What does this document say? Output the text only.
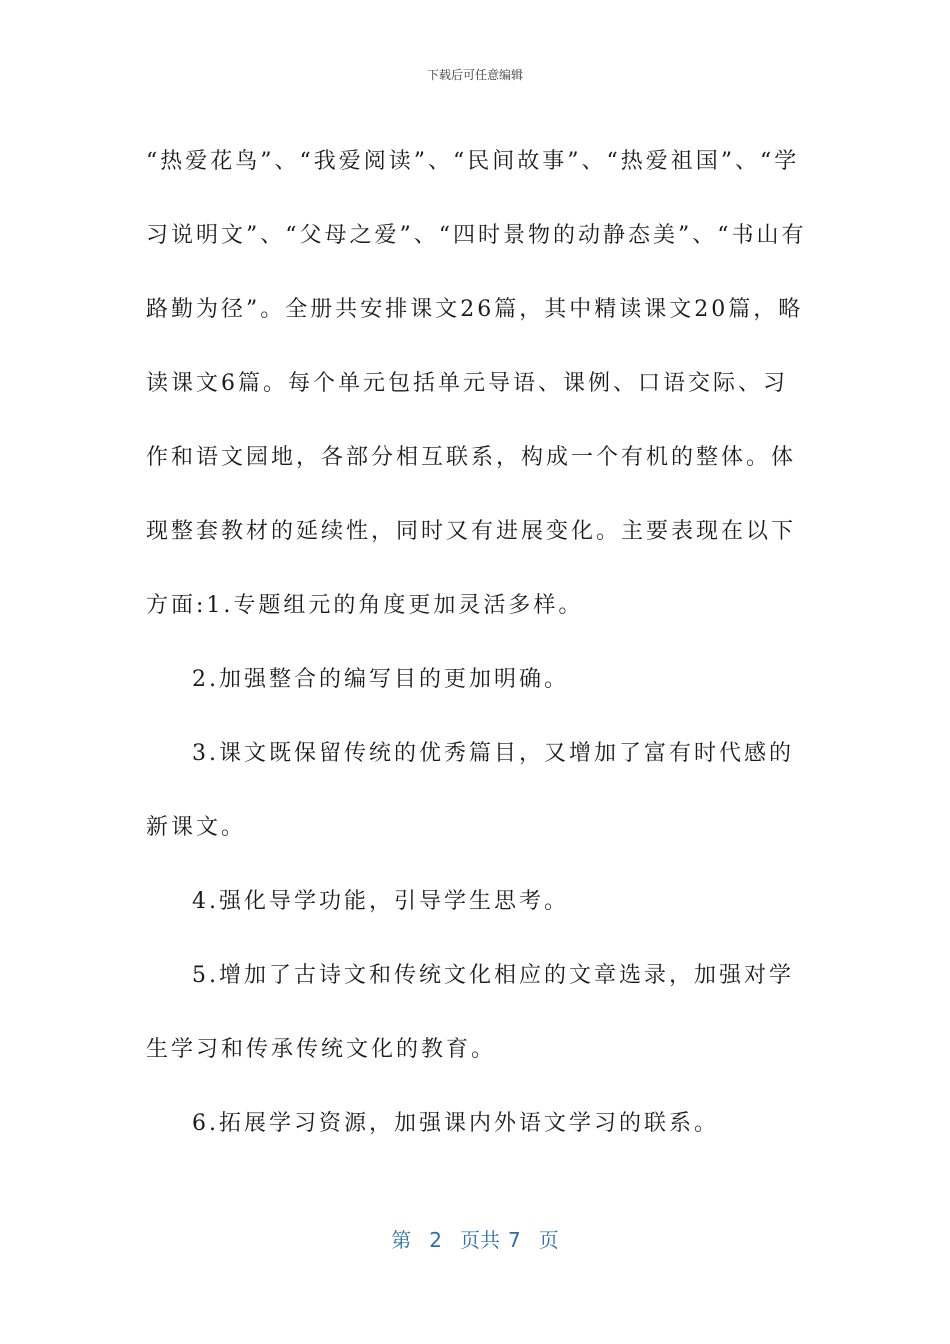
下载后可任意编辑

“热爱花鸟”、“我爱阅读”、“民间故事”、“热爱祖国”、“学习说明文”、“父母之爱”、“四时景物的动静态美”、“书山有路勤为径”。全册共安排课文26篇，其中精读课文20篇，略读课文6篇。每个单元包括单元导语、课例、口语交际、习作和语文园地，各部分相互联系，构成一个有机的整体。体现整套教材的延续性，同时又有进展变化。主要表现在以下方面:1.专题组元的角度更加灵活多样。

2.加强整合的编写目的更加明确。

3.课文既保留传统的优秀篇目，又增加了富有时代感的新课文。

4.强化导学功能，引导学生思考。

5.增加了古诗文和传统文化相应的文章选录，加强对学生学习和传承传统文化的教育。

6.拓展学习资源，加强课内外语文学习的联系。

第 2 页共 7 页
